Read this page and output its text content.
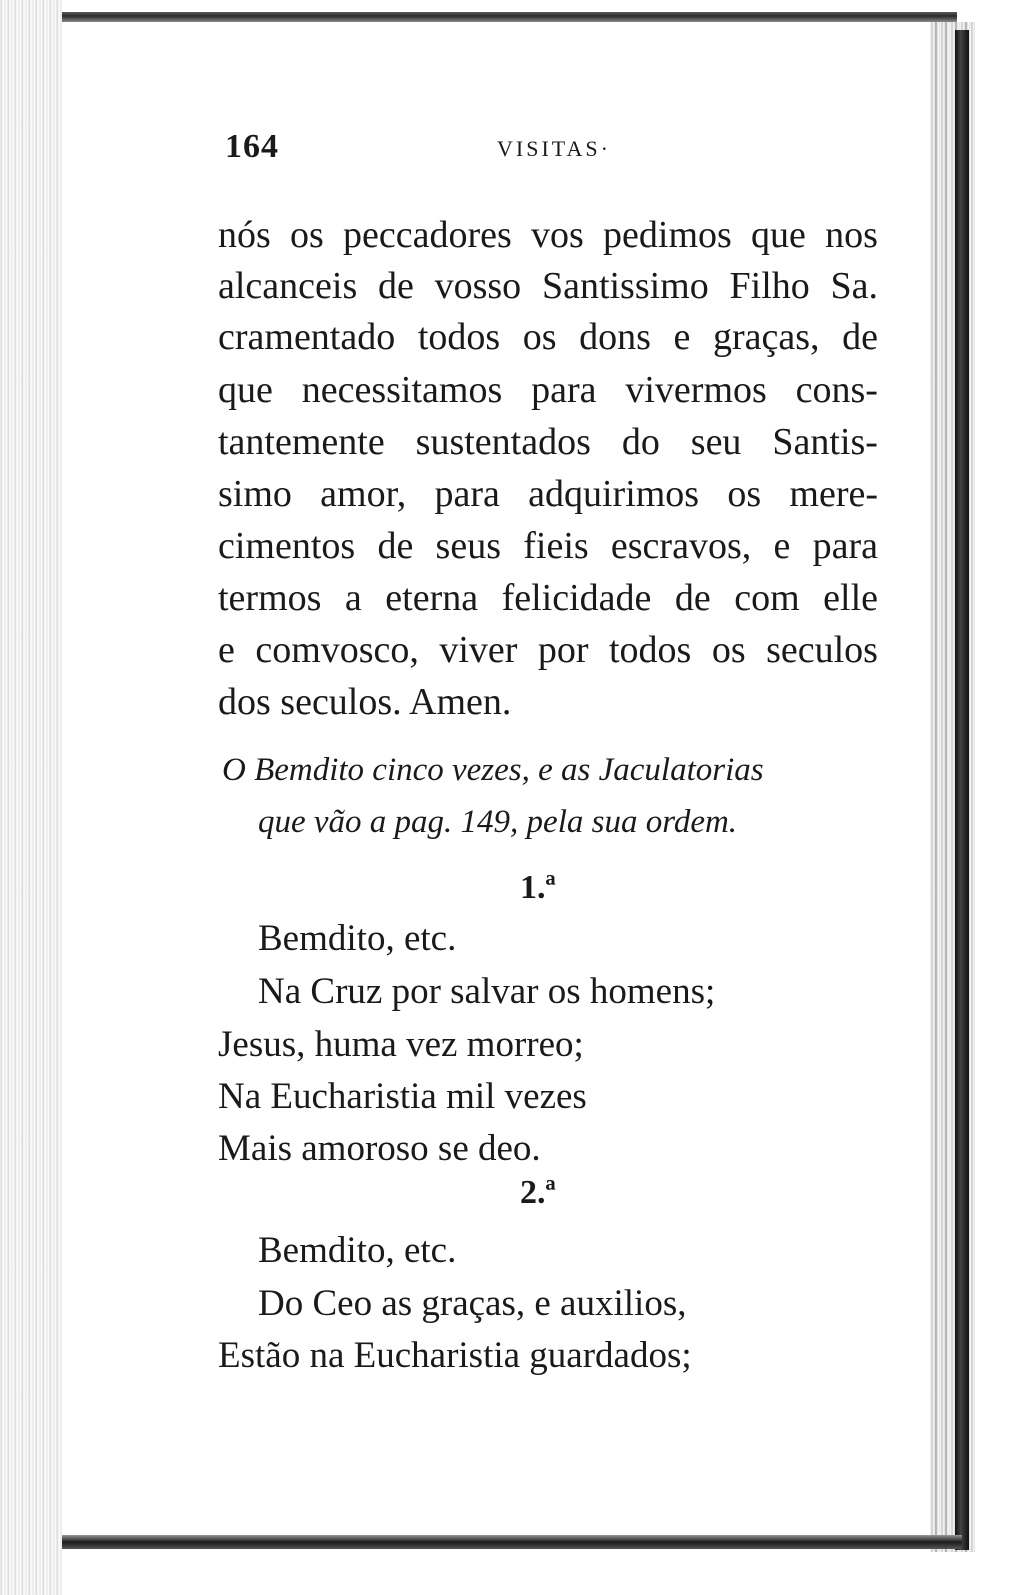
164	VISITAS·
nós os peccadores vos pedimos que nos
alcanceis de vosso Santissimo Filho Sa.
cramentado todos os dons e graças, de
que necessitamos para vivermos cons-
tantemente sustentados do seu Santis-
simo amor, para adquirimos os mere-
cimentos de seus fieis escravos, e para
termos a eterna felicidade de com elle
e comvosco, viver por todos os seculos
dos seculos. Amen.
O Bemdito cinco vezes, e as Jaculatorias
que vão a pag. 149, pela sua ordem.
1.ª
Bemdito, etc.
Na Cruz por salvar os homens;
Jesus, huma vez morreo;
Na Eucharistia mil vezes
Mais amoroso se deo.
2.ª
Bemdito, etc.
Do Ceo as graças, e auxilios,
Estão na Eucharistia guardados;
